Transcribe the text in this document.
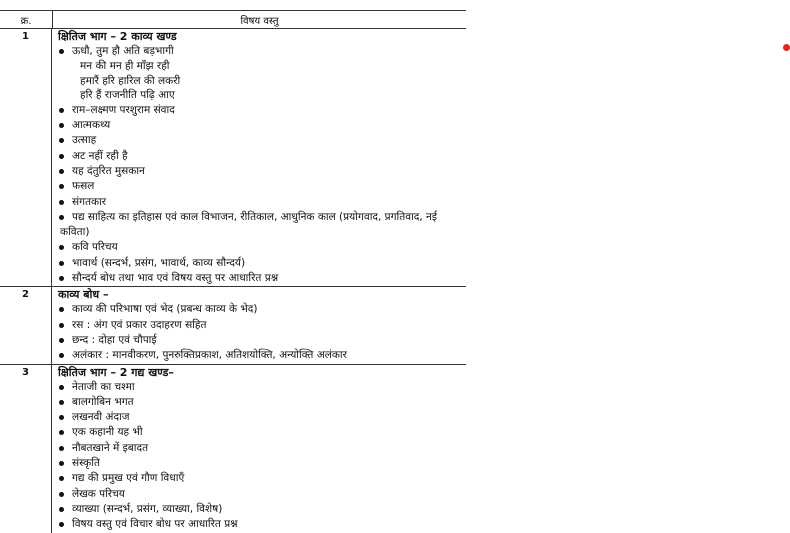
क्र.	विषय वस्तु
1	क्षितिज भाग – 2 काव्य खण्ड
ऊधौ, तुम हौ अति बड़भागी
मन की मन ही माँझ रही
हमारैं हरि हारिल की लकरी
हरि हैं राजनीति पढ़ि आए
राम–लक्ष्मण परशुराम संवाद
आत्मकथ्य
उत्साह
अट नहीं रही है
यह दंतुरित मुसकान
फसल
संगतकार
पद्य साहित्य का इतिहास एवं काल विभाजन, रीतिकाल, आधुनिक काल (प्रयोगवाद, प्रगतिवाद, नई कविता)
कवि परिचय
भावार्थ (सन्दर्भ, प्रसंग, भावार्थ, काव्य सौन्दर्य)
सौन्दर्य बोध तथा भाव एवं विषय वस्तु पर आधारित प्रश्न
2	काव्य बोध –
काव्य की परिभाषा एवं भेद (प्रबन्ध काव्य के भेद)
रस : अंग एवं प्रकार उदाहरण सहित
छन्द : दोहा एवं चौपाई
अलंकार : मानवीकरण, पुनरुक्तिप्रकाश, अतिशयोक्ति, अन्योक्ति अलंकार
3	क्षितिज भाग – 2 गद्य खण्ड–
नेताजी का चश्मा
बालगोबिन भगत
लखनवी अंदाज
एक कहानी यह भी
नौबतखाने में इबादत
संस्कृति
गद्य की प्रमुख एवं गौण विधाएँ
लेखक परिचय
व्याख्या (सन्दर्भ, प्रसंग, व्याख्या, विशेष)
विषय वस्तु एवं विचार बोध पर आधारित प्रश्न
